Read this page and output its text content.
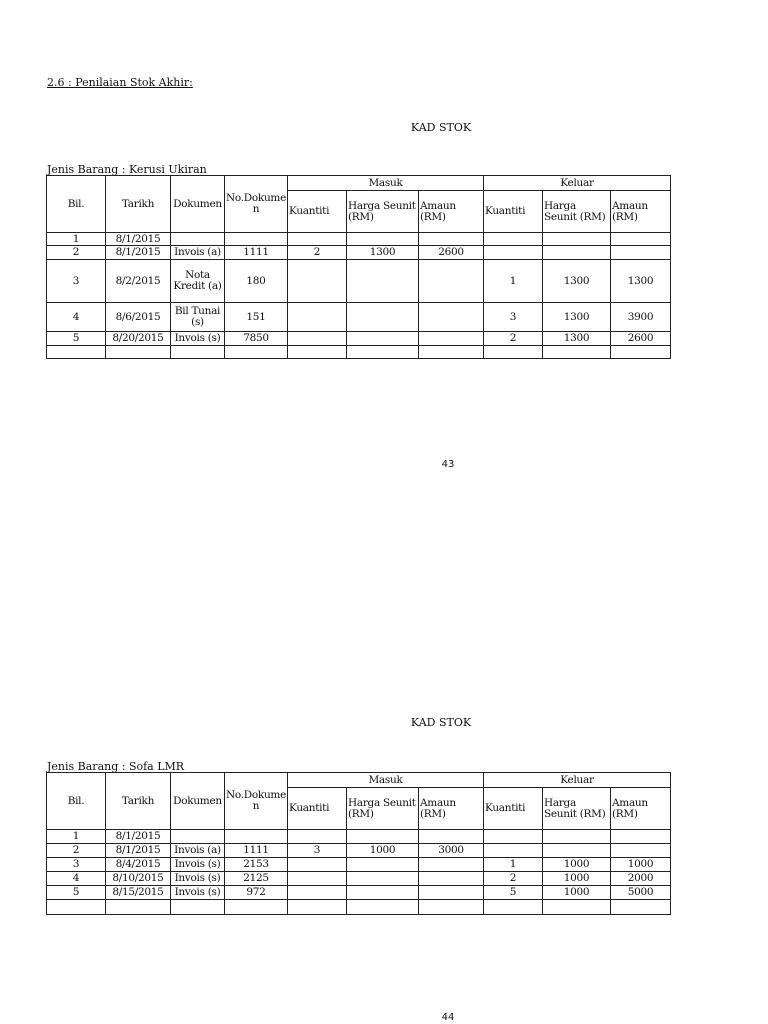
2.6 : Penilaian Stok Akhir:
KAD STOK
Jenis Barang : Kerusi Ukiran
Bil.	Tarikh	Dokumen	No.Dokume n	Masuk			Keluar		
				Kuantiti	Harga Seunit (RM)	Amaun (RM)	Kuantiti	Harga Seunit (RM)	Amaun (RM)
1	8/1/2015								
2	8/1/2015	Invois (a)	1111	2	1300	2600			
3	8/2/2015	Nota Kredit (a)	180				1	1300	1300
4	8/6/2015	Bil Tunai (s)	151				3	1300	3900
5	8/20/2015	Invois (s)	7850				2	1300	2600

43
KAD STOK
Jenis Barang : Sofa LMR
Bil.	Tarikh	Dokumen	No.Dokume n	Masuk			Keluar		
				Kuantiti	Harga Seunit (RM)	Amaun (RM)	Kuantiti	Harga Seunit (RM)	Amaun (RM)
1	8/1/2015								
2	8/1/2015	Invois (a)	1111	3	1000	3000			
3	8/4/2015	Invois (s)	2153				1	1000	1000
4	8/10/2015	Invois (s)	2125				2	1000	2000
5	8/15/2015	Invois (s)	972				5	1000	5000

44
